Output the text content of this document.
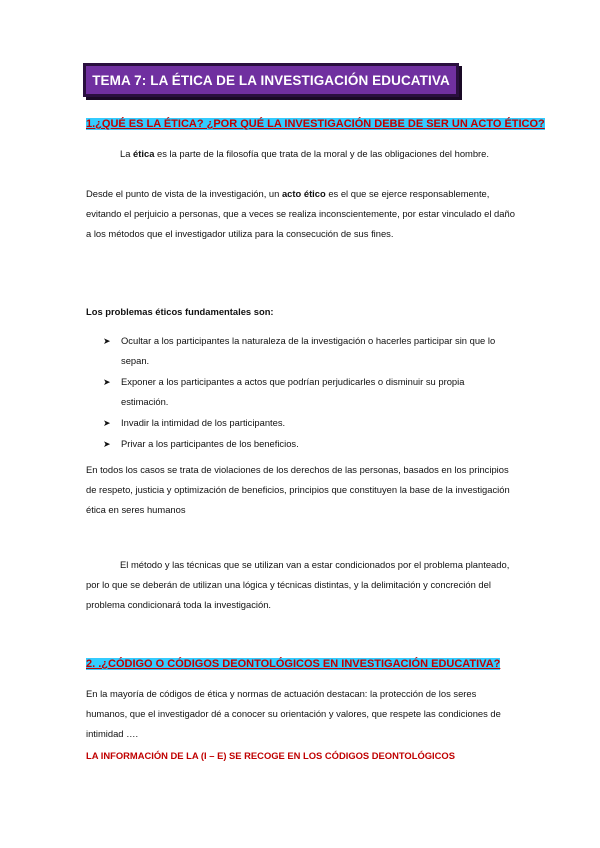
TEMA 7: LA ÉTICA DE LA INVESTIGACIÓN EDUCATIVA
1.¿QUÉ ES LA ÉTICA? ¿POR QUÉ LA INVESTIGACIÓN DEBE DE SER UN ACTO ÉTICO?
La ética es la parte de la filosofía que trata de la moral y de las obligaciones del hombre.
Desde el punto de vista de la investigación, un acto ético es el que se ejerce responsablemente, evitando el perjuicio a personas, que a veces se realiza inconscientemente, por estar vinculado el daño a los métodos que el investigador utiliza para la consecución de sus fines.
Los problemas éticos fundamentales son:
➤ Ocultar a los participantes la naturaleza de la investigación o hacerles participar sin que lo sepan.
➤ Exponer a los participantes a actos que podrían perjudicarles o disminuir su propia estimación.
➤ Invadir la intimidad de los participantes.
➤ Privar a los participantes de los beneficios.
En todos los casos se trata de violaciones de los derechos de las personas, basados en los principios de respeto, justicia y optimización de beneficios, principios que constituyen la base de la investigación ética en seres humanos
El método y las técnicas que se utilizan van a estar condicionados por el problema planteado, por lo que se deberán de utilizan una lógica y técnicas distintas, y la delimitación y concreción del problema condicionará toda la investigación.
2. .¿CÓDIGO O CÓDIGOS DEONTOLÓGICOS EN INVESTIGACIÓN EDUCATIVA?
En la mayoría de códigos de ética y normas de actuación destacan: la protección de los seres humanos, que el investigador dé a conocer su orientación y valores, que respete las condiciones de intimidad ….
LA INFORMACIÓN DE LA (I – E) SE RECOGE EN LOS CÓDIGOS DEONTOLÓGICOS
